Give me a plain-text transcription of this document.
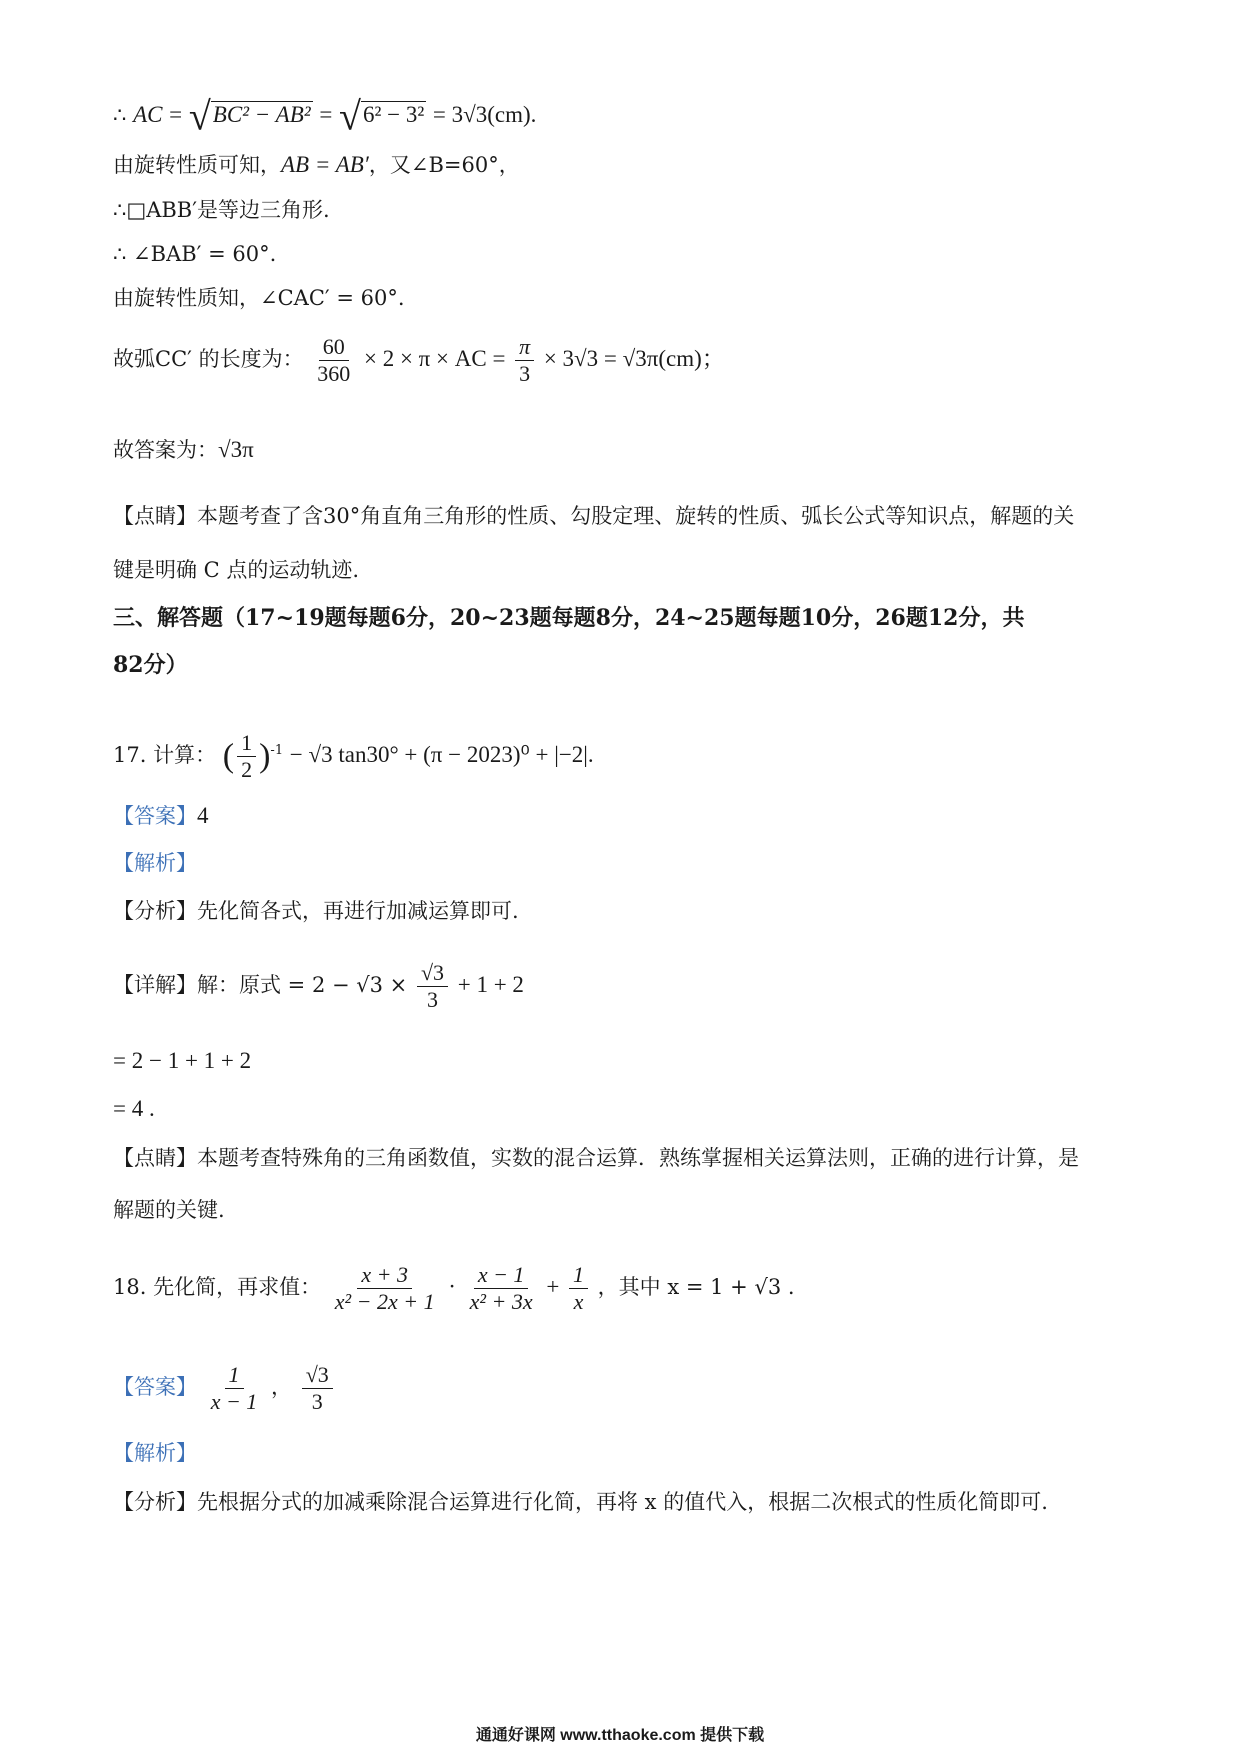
∴ AC = √BC² − AB² = √6² − 3² = 3√3(cm).
由旋转性质可知，AB = AB′，又∠B=60°，
∴□ABB′是等边三角形.
∴ ∠BAB′ = 60°.
由旋转性质知，∠CAC′ = 60°.
故弧CC′ 的长度为： $\frac{60}{360} \times 2 \times \pi$ × AC = $\frac{\pi}{3} \times 3√3 = √3\pi(cm)$；
故答案为：√3π
【点睛】本题考查了含30°角直角三角形的性质、勾股定理、旋转的性质、弧长公式等知识点，解题的关
键是明确 C 点的运动轨迹.
三、解答题（17~19题每题6分，20~23题每题8分，24~25题每题10分，26题12分，共
82分）
17. 计算： ( $\frac{1}{2} )^{-1} - √3$ tan30° + (π − 2023)⁰ + |−2|.
【答案】4
【解析】
【分析】先化简各式，再进行加减运算即可.
【详解】解：原式 = $2 - √3 \times \frac{√3}{3} + 1 + 2$
= 2 − 1 + 1 + 2
= 4 .
【点睛】本题考查特殊角的三角函数值，实数的混合运算．熟练掌握相关运算法则，正确的进行计算，是
解题的关键.
18. 先化简，再求值： $\frac{x + 3}{\text{x² − 2x + 1}} \cdot \frac{x - 1}{\text{x² + 3x}} + \frac{1}{x}$ ，其中 x = 1 + √3 .
【答案】 $\frac{1}{x - 1}$ ， $\frac{√3}{3}$
【解析】
【分析】先根据分式的加减乘除混合运算进行化简，再将 x 的值代入，根据二次根式的性质化简即可.
通通好课网 www.tthaoke.com 提供下载
